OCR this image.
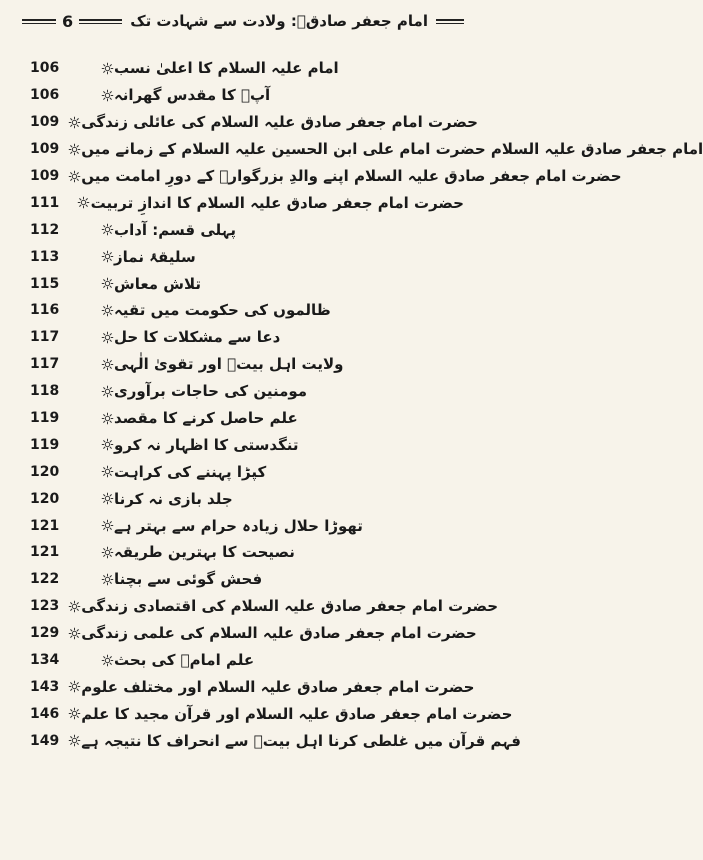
6	امام جعفر صادقؑ: ولادت سے شہادت تک
106	امام علیہ السلام کا اعلیٰ نسب
106	آپؑ کا مقدس گھرانہ
109 حضرت امام جعفر صادق علیہ السلام کی عائلی زندگی
109 امام جعفر صادق علیہ السلام حضرت امام علی ابن الحسین علیہ السلام کے زمانے میں
109 حضرت امام جعفر صادق علیہ السلام اپنے والدِ بزرگوارؑ کے دورِ امامت میں
111	حضرت امام جعفر صادق علیہ السلام کا اندازِ تربیت
112	پہلی قسم: آداب
113	سلیقۂ نماز
115	تلاش معاش
116	ظالموں کی حکومت میں تقیہ
117	دعا سے مشکلات کا حل
117	ولایت اہل بیتؑ اور تقویٰ الٰہی
118	مومنین کی حاجات برآوری
119	علم حاصل کرنے کا مقصد
119	تنگدستی کا اظہار نہ کرو
120	کپڑا پہننے کی کراہت
120	جلد بازی نہ کرنا
121	تھوڑا حلال زیادہ حرام سے بہتر ہے
121	نصیحت کا بہترین طریقہ
122	فحش گوئی سے بچنا
123 حضرت امام جعفر صادق علیہ السلام کی اقتصادی زندگی
129 حضرت امام جعفر صادق علیہ السلام کی علمی زندگی
134	علم امامؑ کی بحث
143 حضرت امام جعفر صادق علیہ السلام اور مختلف علوم
146 حضرت امام جعفر صادق علیہ السلام اور قرآن مجید کا علم
149 فہم قرآن میں غلطی کرنا اہل بیتؑ سے انحراف کا نتیجہ ہے
